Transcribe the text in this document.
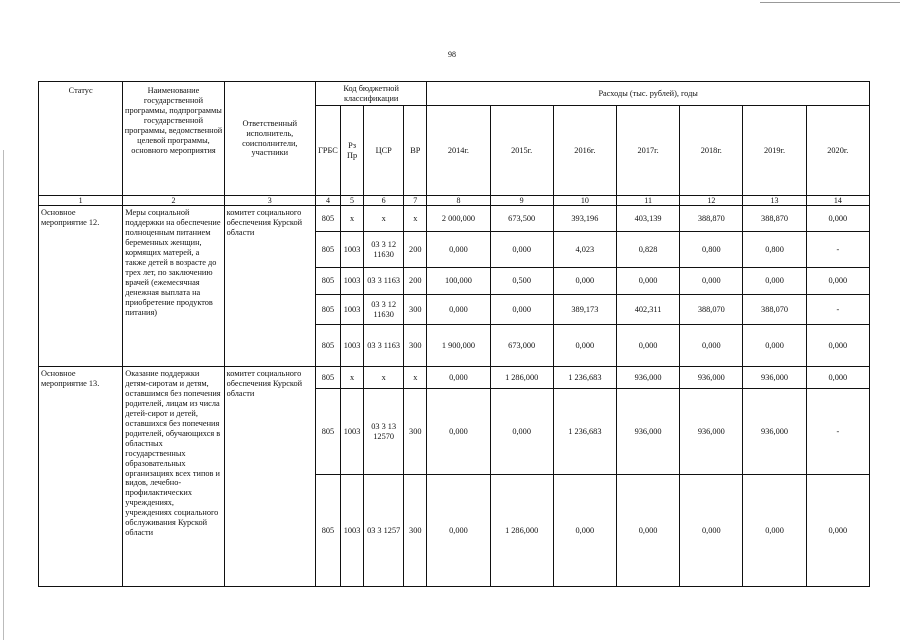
98
Статус	Наименование государственной программы, подпрограммы государственной программы, ведомственной целевой программы, основного мероприятия	Ответственный исполнитель, соисполнители, участники	Код бюджетной классификации				Расходы (тыс. рублей), годы						
			ГРБС	Рз Пр	ЦСР	ВР	2014г.	2015г.	2016г.	2017г.	2018г.	2019г.	2020г.
1	2	3	4	5	6	7	8	9	10	11	12	13	14
Основное мероприятие 12.	Меры социальной поддержки на обеспечение полноценным питанием беременных женщин, кормящих матерей, а также детей в возрасте до трех лет, по заключению врачей (ежемесячная денежная выплата на приобретение продуктов питания)	комитет социального обеспечения Курской области	805	х	х	х	2 000,000	673,500	393,196	403,139	388,870	388,870	0,000
			805	1003	03 3 12 11630	200	0,000	0,000	4,023	0,828	0,800	0,800	-
			805	1003	03 3 1163	200	100,000	0,500	0,000	0,000	0,000	0,000	0,000
			805	1003	03 3 12 11630	300	0,000	0,000	389,173	402,311	388,070	388,070	-
			805	1003	03 3 1163	300	1 900,000	673,000	0,000	0,000	0,000	0,000	0,000
Основное мероприятие 13.	Оказание поддержки детям-сиротам и детям, оставшимся без попечения родителей, лицам из числа детей-сирот и детей, оставшихся без попечения родителей, обучающихся в областных государственных образовательных организациях всех типов и видов, лечебно-профилактических учреждениях, учреждениях социального обслуживания Курской области	комитет социального обеспечения Курской области	805	х	х	х	0,000	1 286,000	1 236,683	936,000	936,000	936,000	0,000
			805	1003	03 3 13 12570	300	0,000	0,000	1 236,683	936,000	936,000	936,000	-
			805	1003	03 3 1257	300	0,000	1 286,000	0,000	0,000	0,000	0,000	0,000
